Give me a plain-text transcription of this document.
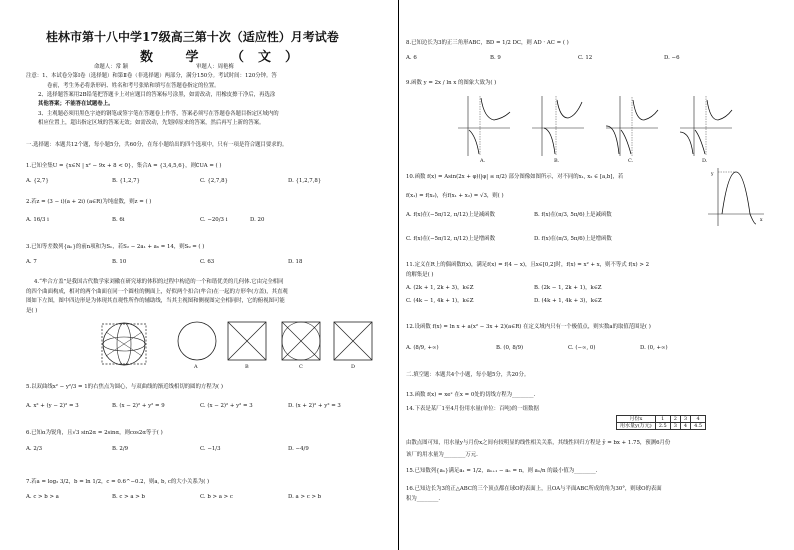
桂林市第十八中学17级高三第十次（适应性）月考试卷
数 学 （文）
命题人：常 颖	审题人：周艳梅
注意：1、本试卷分第Ⅰ卷（选择题）和第Ⅱ卷（非选择题）两部分，满分150分。考试时间：120分钟。答
卷前，考生务必将条形码、姓名和考号张贴和填写在答题卷指定的位置。
2、选择题答案用2B铅笔把答题卡上对应题目的答案标号涂黑，如需改动，用橡皮擦干净后，再选涂
其他答案；不能答在试题卷上。
3、主观题必须用黑色字迹的钢笔或签字笔在答题卷上作答，答案必须写在答题卷各题目指定区域内的
相应位置上，超出指定区域的答案无效；如需改动，先划掉原来的答案，然后再写上新的答案。
一.选择题：本题共12个题，每小题5分，共60分，在每小题给出的四个选项中，只有一项是符合题目要求的。
1.已知全集U = {x∈N | x² − 9x + 8 < 0}，集合A = {3,4,5,6}，则∁UA = ( )
A. {2,7}	B. {1,2,7}	C. {2,7,8}	D. {1,2,7,8}
2.若z = (3 − i)(a + 2i) (a∈R)为纯虚数，则z = ( )
A. 16/3 i	B. 6i	C. −20/3 i	D. 20
3.已知等差数列{aₙ}的前n项和为Sₙ，若S₂ − 2a₁ + a₆ = 14，则S₉ = ( )
A. 7	B. 10	C. 63	D. 18
4.“牟合方盖”是我国古代数学家刘徽在研究球的体积的过程中构造的一个和谐优美的几何体.它由完全相同
的四个曲面构成，相对的两个曲面在同一个圆柱的侧面上，好似两个扣合(牟合)在一起的方形伞(方盖)，其直观
图如下左图，图中四边形是为体现其直观性所作的辅助线，当其主视图和侧视图完全相同时，它的俯视图可能
是( )
A	B	C	D
5.以双曲线x² − y²/3 = 1的右焦点为圆心，与双曲线的渐近线相切的圆的方程为( )
A. x² + (y − 2)² = 3	B. (x − 2)² + y² = 9	C. (x − 2)² + y² = 3	D. (x + 2)² + y² = 3
6.已知α为锐角，且√3 sin2α = 2sinα，则cos2α等于( )
A. 2/3	B. 2/9	C. −1/3	D. −4/9
7.若a = log₂ 3/2，b = ln 1/2，c = 0.6^−0.2，则a, b, c的大小关系为( )
A. c > b > a	B. c > a > b	C. b > a > c	D. a > c > b
8.已知边长为3的正三角形ABC，BD = 1/2 DC，则 AD · AC = ( )
A. 6	B. 9	C. 12	D. −6
9.函数 y = 2x / ln x 的图象大致为( )
A.	B.	C.	D.
10.函数 f(x) = Asin(2x + φ)(|φ| ≤ π/2) 部分图像如图所示，对不同的x₁, x₂ ∈ [a,b]，若
f(x₁) = f(x₂)，有f(x₁ + x₂) = √3，则( )
A. f(x)在(−5π/12, π/12)上是减函数	B. f(x)在(π/3, 5π/6)上是减函数
C. f(x)在(−5π/12, π/12)上是增函数	D. f(x)在(π/3, 5π/6)上是增函数
y
x
11.定义在R上的偶函数f(x)，满足f(x) = f(4 − x)，且x∈[0,2]时，f(x) = x² + x，则不等式 f(x) > 2
的解集是( )
A. (2k + 1, 2k + 3)，k∈Z	B. (2k − 1, 2k + 1)，k∈Z
C. (4k − 1, 4k + 1)，k∈Z	D. (4k + 1, 4k + 3)，k∈Z
12.设函数 f(x) = ln x + a(x² − 3x + 2)(a∈R) 在定义域内只有一个极值点，则实数a的取值范围是( )
A. (8/9, +∞)	B. (0, 8/9)	C. (−∞, 0)	D. (0, +∞)
二.填空题：本题共4个小题，每小题5分，共20分。
13.函数 f(x) = xeˣ 在x = 0处的切线方程为________.
14.下表是某厂1至4月份用水量(单位：百吨)的一组数据
月份x	1	2	3	4
用水量y(万元)	2.5	3	4	4.5
由散点图可知，用水量y与月份x之间有较明显的线性相关关系，其线性回归方程是 ŷ = bx + 1.75，预测6月份
该厂的用水量为________万元.
15.已知数列{aₙ}满足a₁ = 1/2，aₙ₊₁ − aₙ = n，则 aₙ/n 的最小值为________.
16.已知边长为3的正△ABC的三个顶点都在球O的表面上，且OA与平面ABC所成的角为30°，则球O的表面
积为________.
